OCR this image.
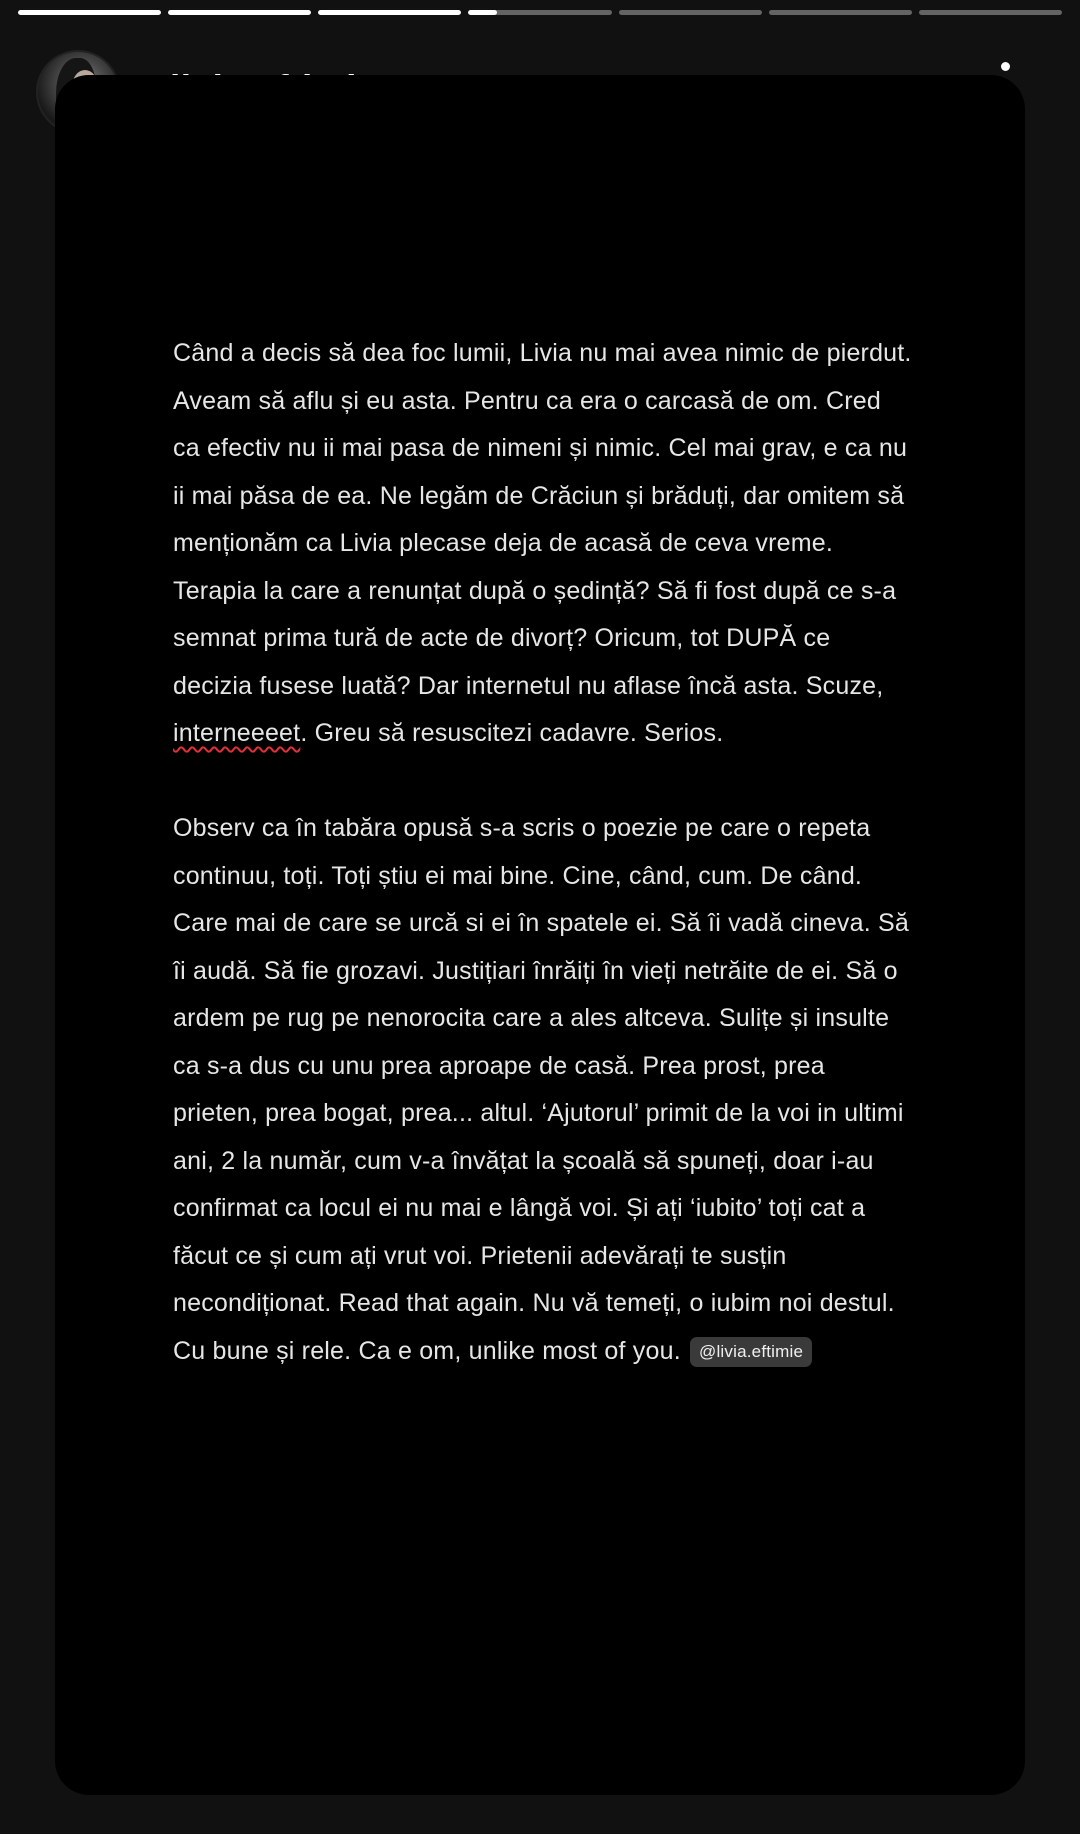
Când a decis să dea foc lumii, Livia nu mai avea nimic de pierdut. Aveam să aflu și eu asta. Pentru ca era o carcasă de om. Cred ca efectiv nu ii mai pasa de nimeni și nimic. Cel mai grav, e ca nu ii mai păsa de ea. Ne legăm de Crăciun și brăduți, dar omitem să menționăm ca Livia plecase deja de acasă de ceva vreme. Terapia la care a renunțat după o ședință? Să fi fost după ce s-a semnat prima tură de acte de divorț? Oricum, tot DUPĂ ce decizia fusese luată? Dar internetul nu aflase încă asta. Scuze, interneeeet. Greu să resuscitezi cadavre. Serios.

Observ ca în tabăra opusă s-a scris o poezie pe care o repeta continuu, toți. Toți știu ei mai bine. Cine, când, cum. De când. Care mai de care se urcă si ei în spatele ei. Să îi vadă cineva. Să îi audă. Să fie grozavi. Justițiari înrăiți în vieți netrăite de ei. Să o ardem pe rug pe nenorocita care a ales altceva. Sulițe și insulte ca s-a dus cu unu prea aproape de casă. Prea prost, prea prieten, prea bogat, prea... altul. ‘Ajutorul’ primit de la voi in ultimi ani, 2 la număr, cum v-a învățat la școală să spuneți, doar i-au confirmat ca locul ei nu mai e lângă voi. Și ați ‘iubito’ toți cat a făcut ce și cum ați vrut voi. Prietenii adevărați te susțin necondiționat. Read that again. Nu vă temeți, o iubim noi destul. Cu bune și rele. Ca e om, unlike most of you. @livia.eftimie
